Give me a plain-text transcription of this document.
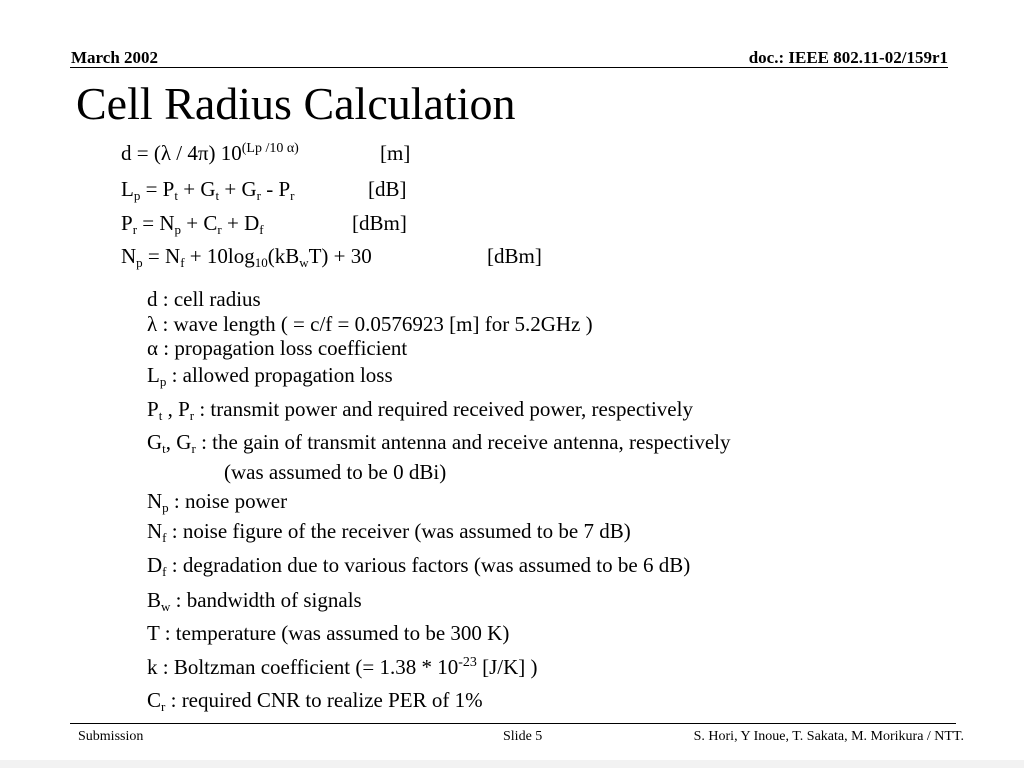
March 2002	doc.: IEEE 802.11-02/159r1
Cell Radius Calculation
d = (λ / 4π) $10^{(Lp /10 \alpha)}$	[m]
$L_p = P_t + G_t + G_r - P_r$	[dB]
$P_r = N_p + C_r + D_f$	[dBm]
$N_p = N_f + 10\log_{10}(kB_wT) + 30$	[dBm]
d : cell radius
λ : wave length ( = c/f = 0.0576923 [m] for 5.2GHz )
α : propagation loss coefficient
$L_p$ : allowed propagation loss
$P_t$ , $P_r$ : transmit power and required received power, respectively
$G_t$, $G_r$ : the gain of transmit antenna and receive antenna, respectively
(was assumed to be 0 dBi)
$N_p$ : noise power
$N_f$ : noise figure of the receiver (was assumed to be 7 dB)
$D_f$ : degradation due to various factors (was assumed to be 6 dB)
$B_w$ : bandwidth of signals
T : temperature (was assumed to be 300 K)
k : Boltzman coefficient (= $1.38 * 10^{-23}$ [J/K] )
$C_r$ : required CNR to realize PER of 1%
Submission	Slide 5	S. Hori, Y Inoue, T. Sakata, M. Morikura / NTT.
